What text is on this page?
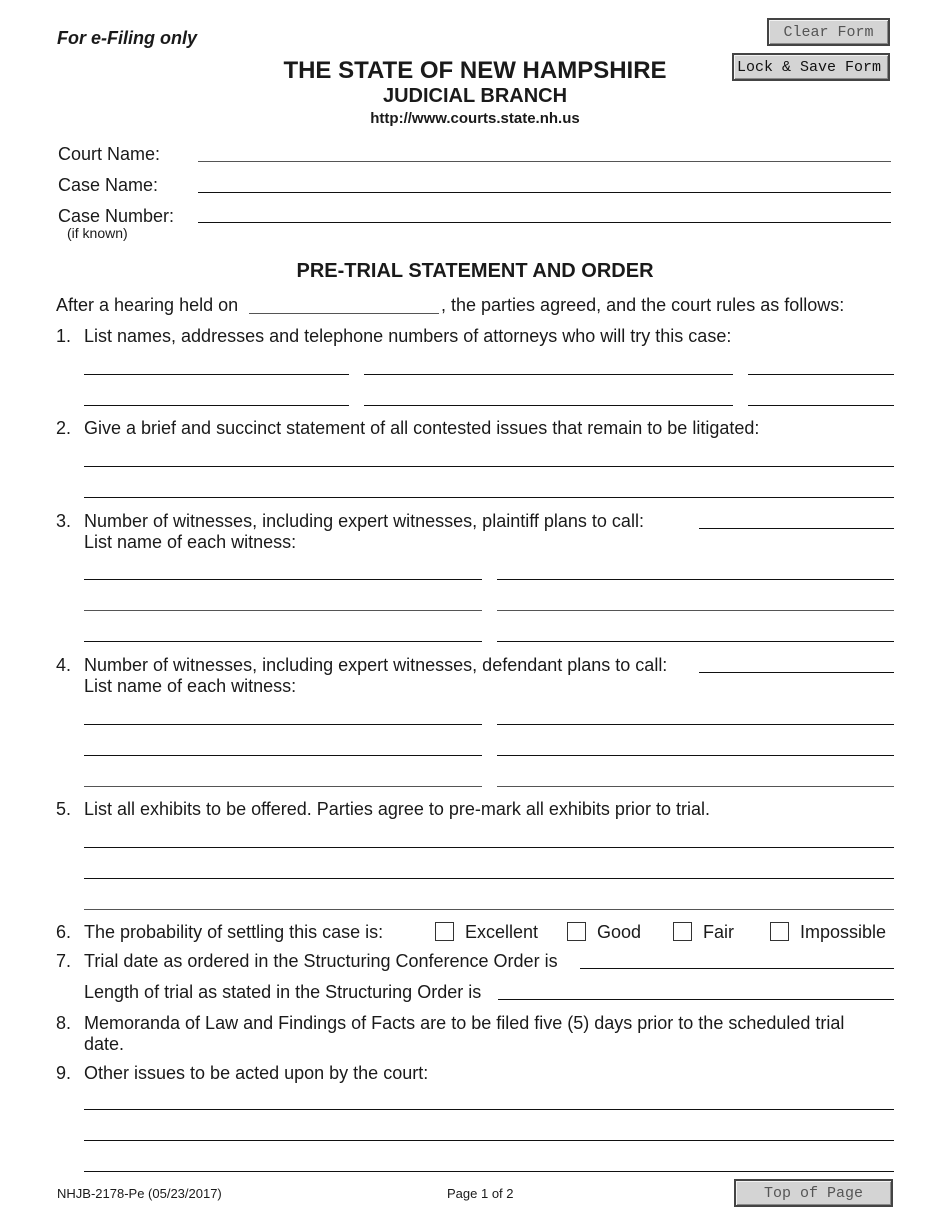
For e-Filing only
THE STATE OF NEW HAMPSHIRE
JUDICIAL BRANCH
http://www.courts.state.nh.us
Clear Form
Lock & Save Form
Court Name:
Case Name:
Case Number:
(if known)
PRE-TRIAL STATEMENT AND ORDER
After a hearing held on	, the parties agreed, and the court rules as follows:
1. List names, addresses and telephone numbers of attorneys who will try this case:
2. Give a brief and succinct statement of all contested issues that remain to be litigated:
3. Number of witnesses, including expert witnesses, plaintiff plans to call:
List name of each witness:
4. Number of witnesses, including expert witnesses, defendant plans to call:
List name of each witness:
5. List all exhibits to be offered. Parties agree to pre-mark all exhibits prior to trial.
6. The probability of settling this case is:	Excellent	Good	Fair	Impossible
7. Trial date as ordered in the Structuring Conference Order is
Length of trial as stated in the Structuring Order is
8. Memoranda of Law and Findings of Facts are to be filed five (5) days prior to the scheduled trial
date.
9. Other issues to be acted upon by the court:
NHJB-2178-Pe (05/23/2017)	Page 1 of 2	Top of Page
